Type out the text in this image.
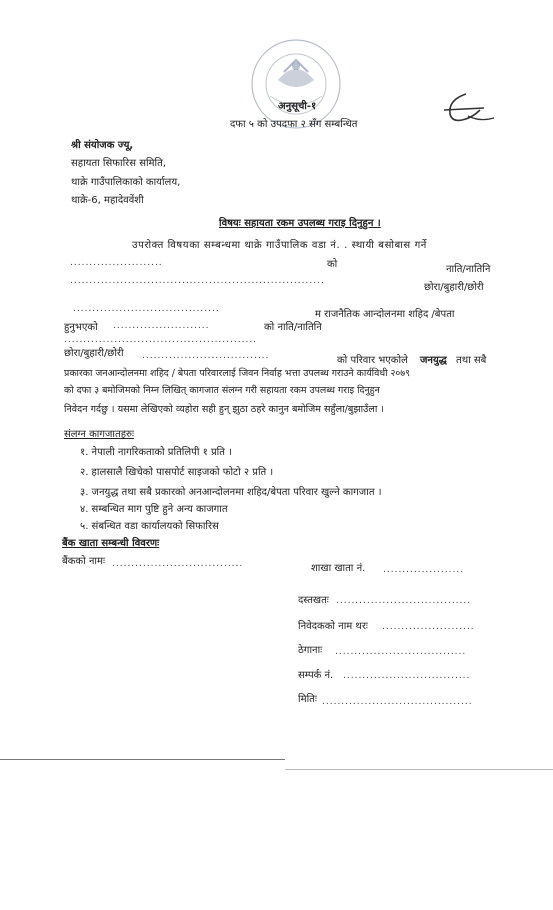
अनुसूची-१
दफा ५ को उपदफा २ सँग सम्बन्धित
श्री संयोजक ज्यू,
सहायता सिफारिस समिति,
थाक्रे गाउँपालिकाको कार्यालय,
थाक्रे-6, महादेववेंशी
विषयः सहायता रकम उपलब्ध गराइ दिनुहुन ।
उपरोक्त विषयका सम्बन्धमा थाक्रे गाउँपालिक वडा नं. . स्थायी बसोबास गर्ने
........................	को	नाति/नातिनि
..................................................................
छोरा/बुहारी/छोरी
......................................	म राजनैतिक आन्दोलनमा शहिद /बेपता
हुनुभएको .........................	को नाति/नातिनि
..................................................
छोरा/बुहारी/छोरी .................................	को परिवार भएकोले जनयुद्ध तथा सबै
प्रकारका जनआन्दोलनमा शहिद / बेपता परिवारलाई जिवन निर्वाह भत्ता उपलब्ध गराउने कार्यविधी २०७९
को दफा ३ बमोजिमको निम्न लिखित् कागजात संलग्न गरी सहायता रकम उपलब्ध गराइ दिनुहुन
निवेदन गर्दछु । यसमा लेखिएको व्यहोरा सही हुन् झुठा ठहरे कानुन बमोजिम सहुँला/बुझाउँला ।
संलग्न कागजातहरुः
१. नेपाली नागरिकताको प्रतिलिपी १ प्रति ।
२. हालसालै खिचेको पासपोर्ट साइजको फोटो २ प्रति ।
३. जनयुद्ध तथा सबै प्रकारको अनआन्दोलनमा शहिद/बेपता परिवार खुल्ने कागजात ।
४. सम्बन्धित माग पुष्टि हुने अन्य काजगात
५. संबन्धित वडा कार्यालयको सिफारिस
बैंक खाता सम्बन्धी विवरणः
बैंकको नामः ..................................	शाखा खाता नं. .....................
दस्तखतः ...................................
निवेदकको नाम थरः ........................
ठेगानाः ..................................
सम्पर्क नं. .................................
मितिः .......................................
